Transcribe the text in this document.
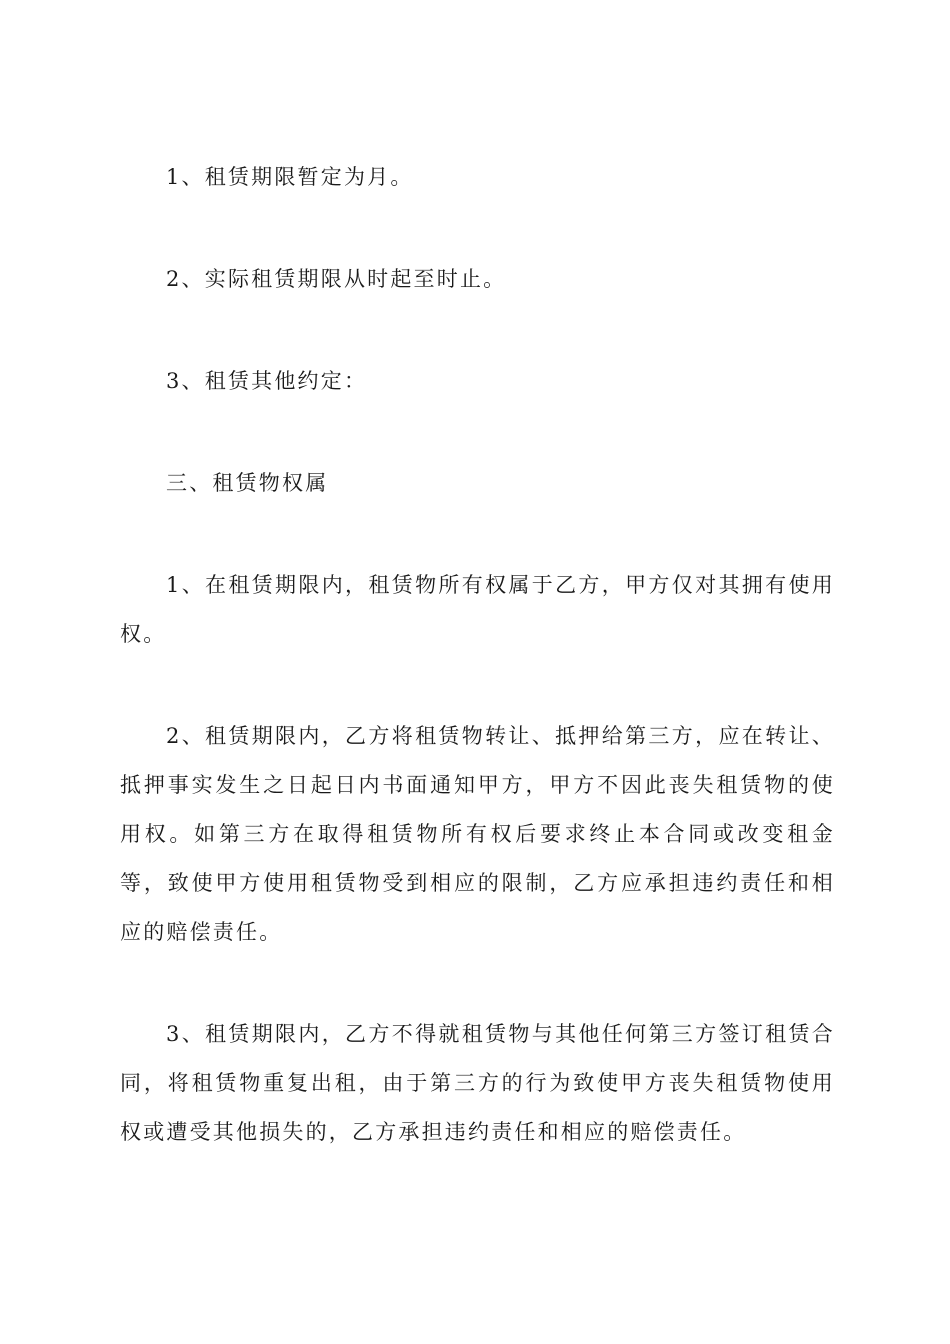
1、租赁期限暂定为月。

2、实际租赁期限从时起至时止。

3、租赁其他约定：

三、租赁物权属

1、在租赁期限内，租赁物所有权属于乙方，甲方仅对其拥有使用权。

2、租赁期限内，乙方将租赁物转让、抵押给第三方，应在转让、抵押事实发生之日起日内书面通知甲方，甲方不因此丧失租赁物的使用权。如第三方在取得租赁物所有权后要求终止本合同或改变租金等，致使甲方使用租赁物受到相应的限制，乙方应承担违约责任和相应的赔偿责任。

3、租赁期限内，乙方不得就租赁物与其他任何第三方签订租赁合同，将租赁物重复出租，由于第三方的行为致使甲方丧失租赁物使用权或遭受其他损失的，乙方承担违约责任和相应的赔偿责任。
